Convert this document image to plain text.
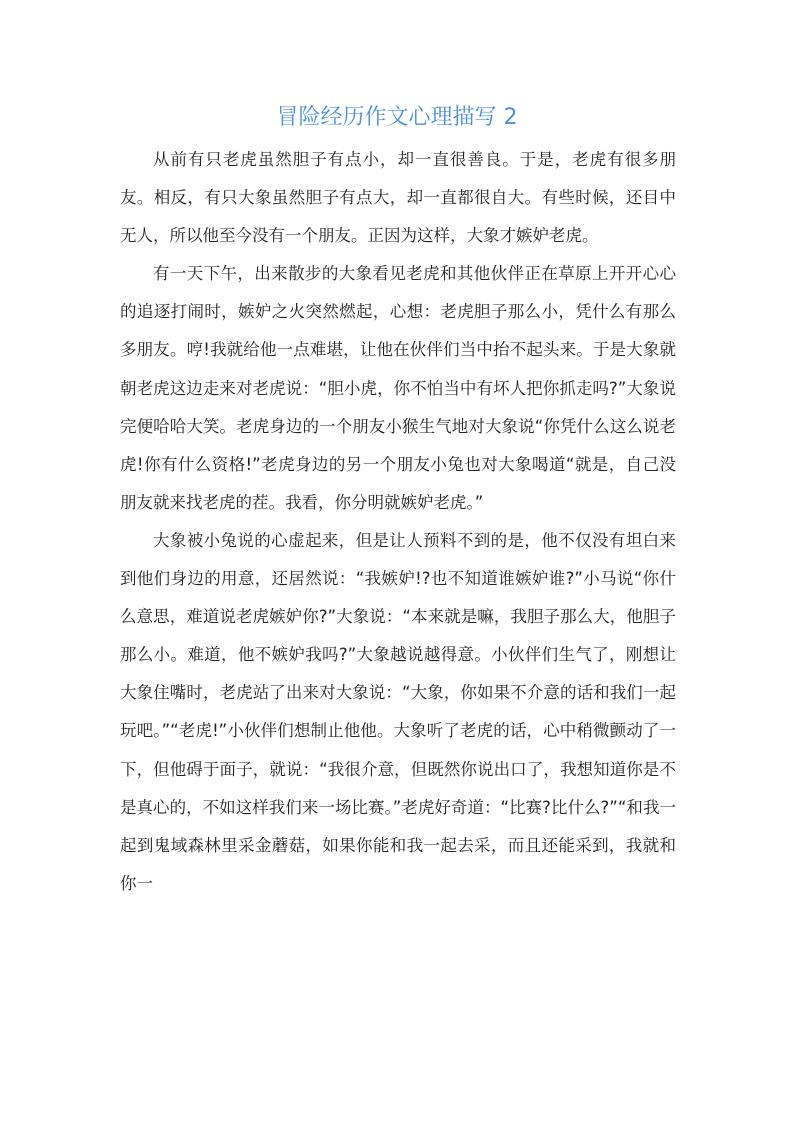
冒险经历作文心理描写 2

从前有只老虎虽然胆子有点小，却一直很善良。于是，老虎有很多朋友。相反，有只大象虽然胆子有点大，却一直都很自大。有些时候，还目中无人，所以他至今没有一个朋友。正因为这样，大象才嫉妒老虎。

有一天下午，出来散步的大象看见老虎和其他伙伴正在草原上开开心心的追逐打闹时，嫉妒之火突然燃起，心想：老虎胆子那么小，凭什么有那么多朋友。哼!我就给他一点难堪，让他在伙伴们当中抬不起头来。于是大象就朝老虎这边走来对老虎说：“胆小虎，你不怕当中有坏人把你抓走吗?”大象说完便哈哈大笑。老虎身边的一个朋友小猴生气地对大象说“你凭什么这么说老虎!你有什么资格!”老虎身边的另一个朋友小兔也对大象喝道“就是，自己没朋友就来找老虎的茬。我看，你分明就嫉妒老虎。”

大象被小兔说的心虚起来，但是让人预料不到的是，他不仅没有坦白来到他们身边的用意，还居然说：“我嫉妒!?也不知道谁嫉妒谁?”小马说“你什么意思，难道说老虎嫉妒你?”大象说：“本来就是嘛，我胆子那么大，他胆子那么小。难道，他不嫉妒我吗?”大象越说越得意。小伙伴们生气了，刚想让大象住嘴时，老虎站了出来对大象说：“大象，你如果不介意的话和我们一起玩吧。”“老虎!”小伙伴们想制止他他。大象听了老虎的话，心中稍微颤动了一下，但他碍于面子，就说：“我很介意，但既然你说出口了，我想知道你是不是真心的，不如这样我们来一场比赛。”老虎好奇道：“比赛?比什么?”“和我一起到鬼域森林里采金蘑菇，如果你能和我一起去采，而且还能采到，我就和你一
